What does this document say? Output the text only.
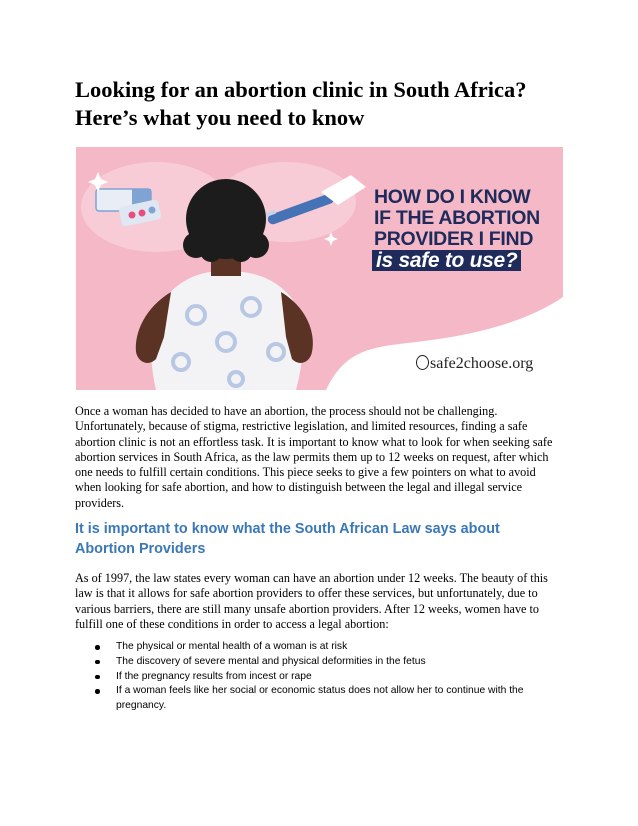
Looking for an abortion clinic in South Africa? Here’s what you need to know
HOW DO I KNOW
IF THE ABORTION
PROVIDER I FIND
is safe to use?
safe2choose.org

Once a woman has decided to have an abortion, the process should not be challenging. Unfortunately, because of stigma, restrictive legislation, and limited resources, finding a safe abortion clinic is not an effortless task. It is important to know what to look for when seeking safe abortion services in South Africa, as the law permits them up to 12 weeks on request, after which one needs to fulfill certain conditions. This piece seeks to give a few pointers on what to avoid when looking for safe abortion, and how to distinguish between the legal and illegal service providers.

It is important to know what the South African Law says about Abortion Providers

As of 1997, the law states every woman can have an abortion under 12 weeks. The beauty of this law is that it allows for safe abortion providers to offer these services, but unfortunately, due to various barriers, there are still many unsafe abortion providers. After 12 weeks, women have to fulfill one of these conditions in order to access a legal abortion:

The physical or mental health of a woman is at risk
The discovery of severe mental and physical deformities in the fetus
If the pregnancy results from incest or rape
If a woman feels like her social or economic status does not allow her to continue with the pregnancy.
